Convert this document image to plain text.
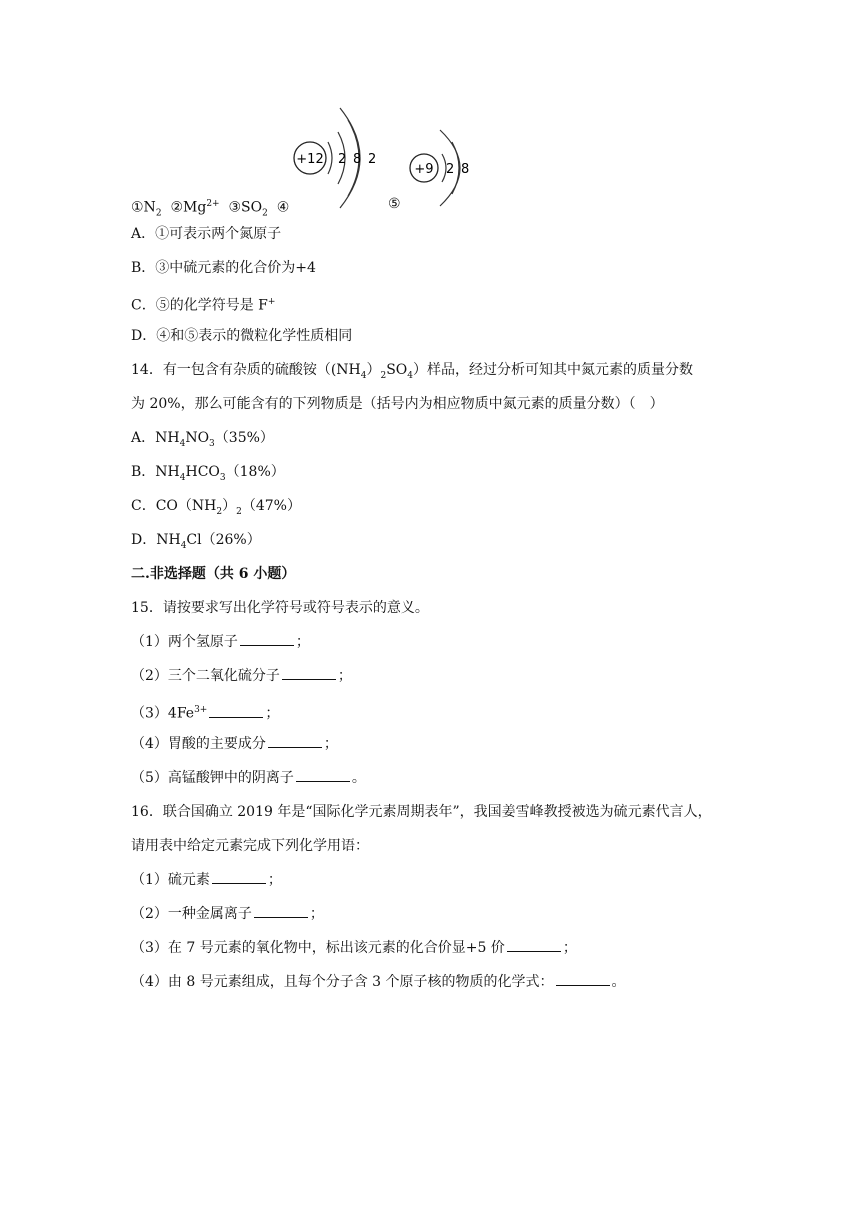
+12 2 8 2
+9 2 8
$①N_2$ $②Mg^{2+}$ $③SO_2$ ④	⑤
A．①可表示两个氮原子
B．③中硫元素的化合价为+4
C．⑤的化学符号是 F+
D．④和⑤表示的微粒化学性质相同
14．有一包含有杂质的硫酸铵$((NH_4)_2SO_4)$样品，经过分析可知其中氮元素的质量分数
为 20%，那么可能含有的下列物质是（括号内为相应物质中氮元素的质量分数）（　）
A．$NH_4NO_3(35\%)$
B．$NH_4HCO_3(18\%)$
C．$CO(NH_2)_2(47\%)$
D．$NH_4Cl(26\%)$
二.非选择题（共 6 小题）
15．请按要求写出化学符号或符号表示的意义。
（1）两个氢原子	；
（2）三个二氧化硫分子	；
$(3)4Fe^{3+}$	；
（4）胃酸的主要成分	；
（5）高锰酸钾中的阴离子	。
16．联合国确立 2019 年是“国际化学元素周期表年”，我国姜雪峰教授被选为硫元素代言人，
请用表中给定元素完成下列化学用语：
（1）硫元素	；
（2）一种金属离子	；
（3）在 7 号元素的氧化物中，标出该元素的化合价显+5 价	；
（4）由 8 号元素组成，且每个分子含 3 个原子核的物质的化学式：	。
